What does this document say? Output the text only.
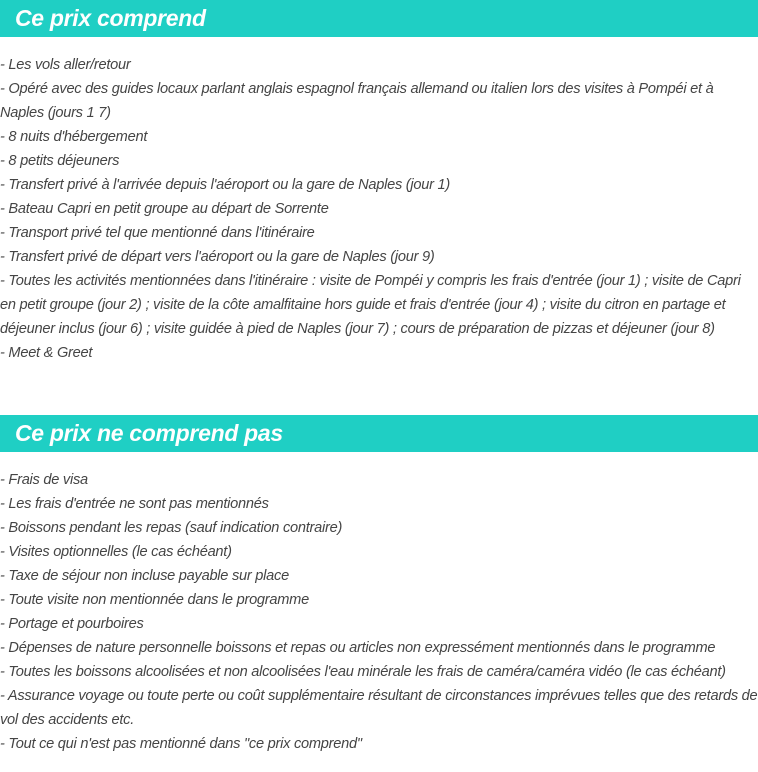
Ce prix comprend
- Les vols aller/retour
- Opéré avec des guides locaux parlant anglais espagnol français allemand ou italien lors des visites à Pompéi et à Naples (jours 1 7)
- 8 nuits d'hébergement
- 8 petits déjeuners
- Transfert privé à l'arrivée depuis l'aéroport ou la gare de Naples (jour 1)
- Bateau Capri en petit groupe au départ de Sorrente
- Transport privé tel que mentionné dans l'itinéraire
- Transfert privé de départ vers l'aéroport ou la gare de Naples (jour 9)
- Toutes les activités mentionnées dans l'itinéraire : visite de Pompéi y compris les frais d'entrée (jour 1) ; visite de Capri en petit groupe (jour 2) ; visite de la côte amalfitaine hors guide et frais d'entrée (jour 4) ; visite du citron en partage et déjeuner inclus (jour 6) ; visite guidée à pied de Naples (jour 7) ; cours de préparation de pizzas et déjeuner (jour 8)
- Meet & Greet
Ce prix ne comprend pas
- Frais de visa
- Les frais d'entrée ne sont pas mentionnés
- Boissons pendant les repas (sauf indication contraire)
- Visites optionnelles (le cas échéant)
- Taxe de séjour non incluse payable sur place
- Toute visite non mentionnée dans le programme
- Portage et pourboires
- Dépenses de nature personnelle boissons et repas ou articles non expressément mentionnés dans le programme
- Toutes les boissons alcoolisées et non alcoolisées l'eau minérale les frais de caméra/caméra vidéo (le cas échéant)
- Assurance voyage ou toute perte ou coût supplémentaire résultant de circonstances imprévues telles que des retards de vol des accidents etc.
- Tout ce qui n'est pas mentionné dans "ce prix comprend"
